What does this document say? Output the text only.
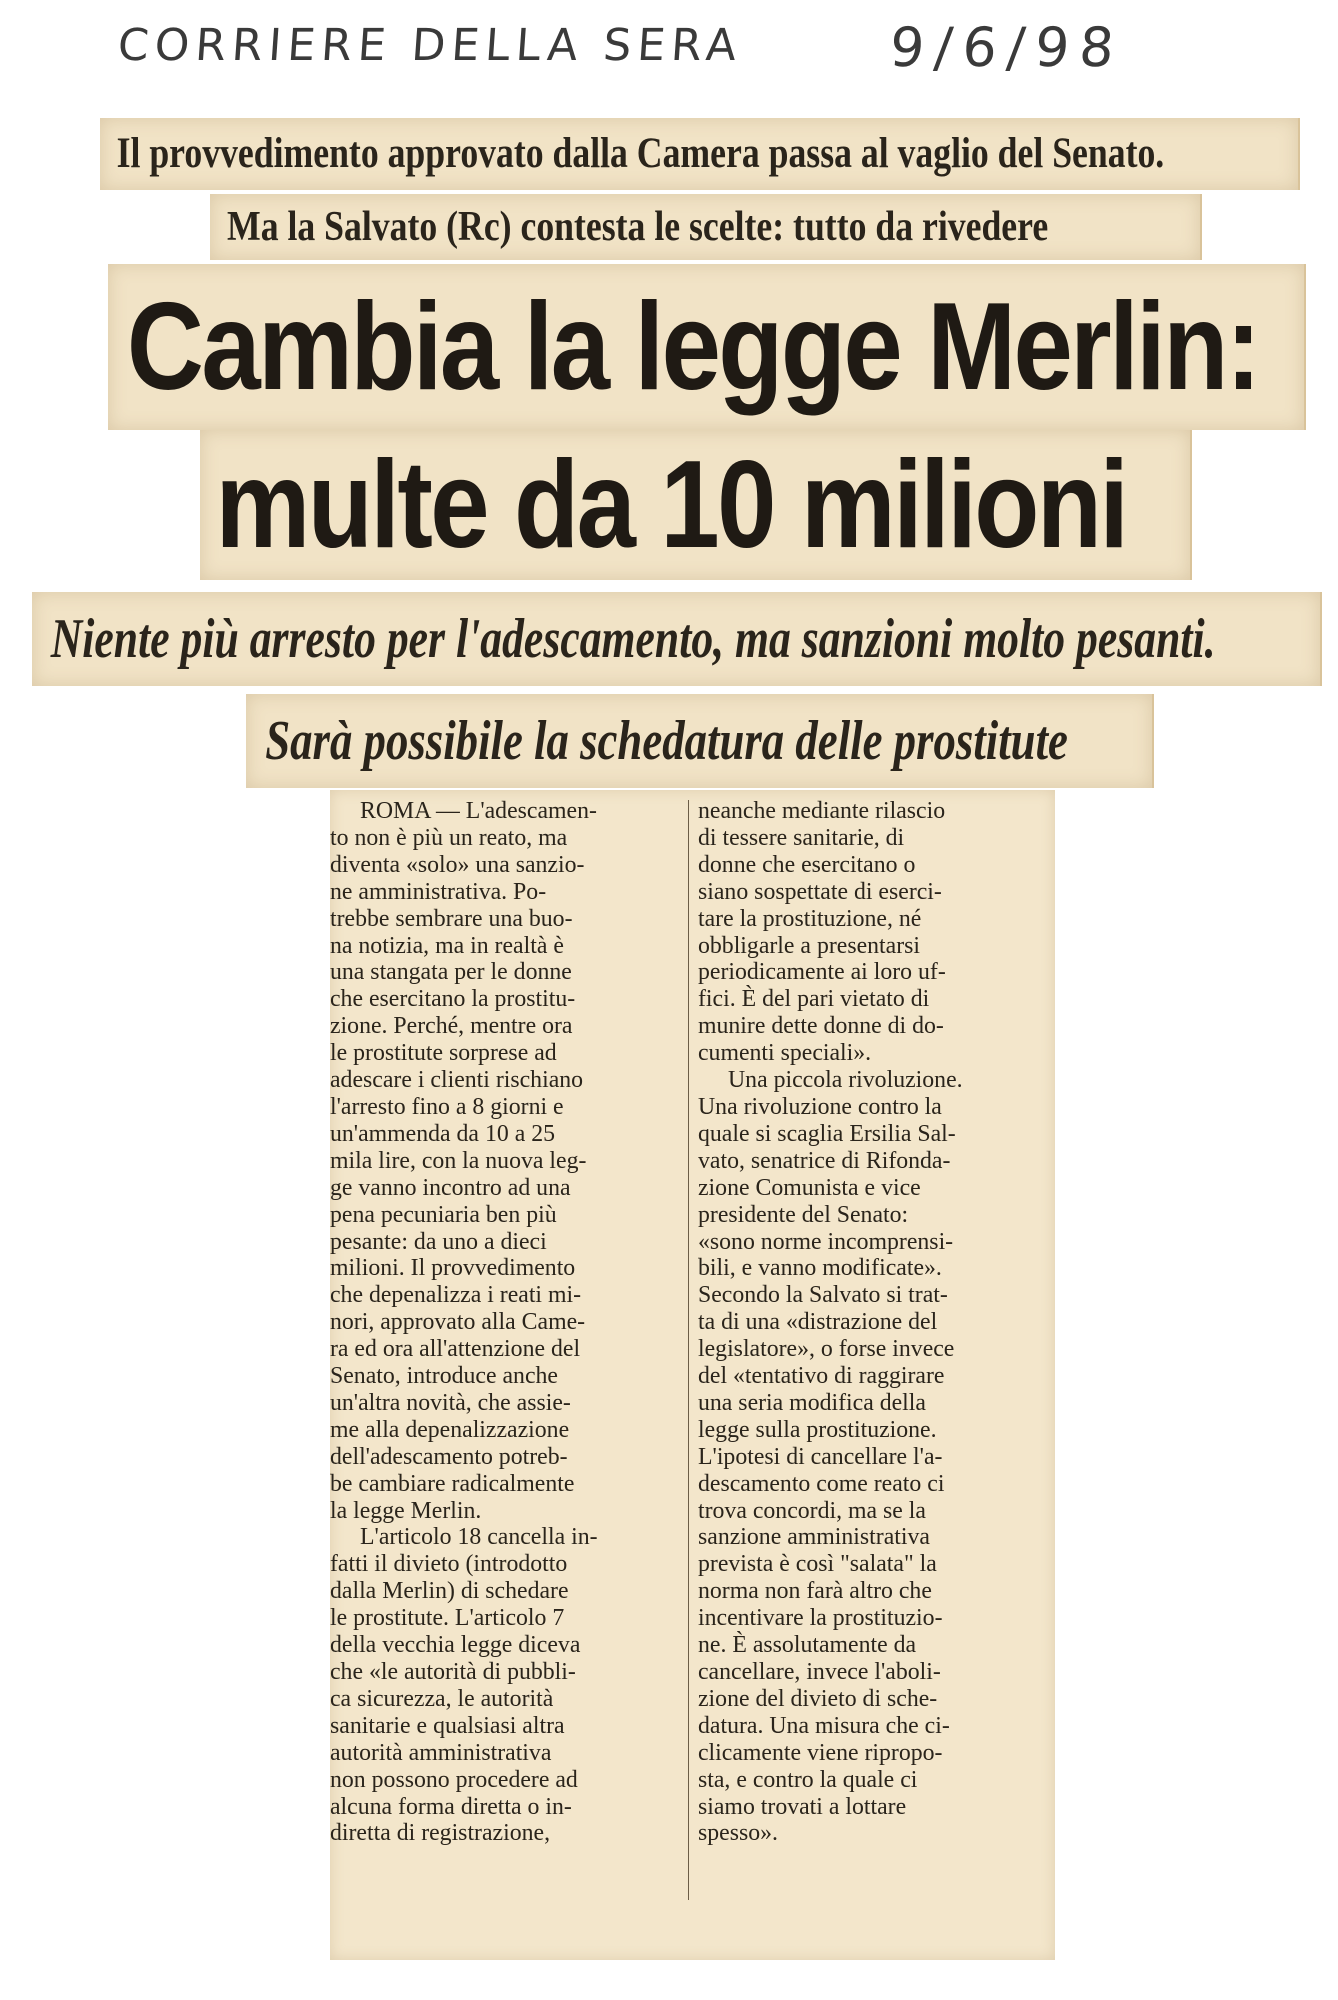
CORRIERE DELLA SERA	9/6/98
Il provvedimento approvato dalla Camera passa al vaglio del Senato.
Ma la Salvato (Rc) contesta le scelte: tutto da rivedere
Cambia la legge Merlin:
multe da 10 milioni
Niente più arresto per l'adescamento, ma sanzioni molto pesanti.
Sarà possibile la schedatura delle prostitute
ROMA — L'adescamen-
to non è più un reato, ma
diventa «solo» una sanzio-
ne amministrativa. Po-
trebbe sembrare una buo-
na notizia, ma in realtà è
una stangata per le donne
che esercitano la prostitu-
zione. Perché, mentre ora
le prostitute sorprese ad
adescare i clienti rischiano
l'arresto fino a 8 giorni e
un'ammenda da 10 a 25
mila lire, con la nuova leg-
ge vanno incontro ad una
pena pecuniaria ben più
pesante: da uno a dieci
milioni. Il provvedimento
che depenalizza i reati mi-
nori, approvato alla Came-
ra ed ora all'attenzione del
Senato, introduce anche
un'altra novità, che assie-
me alla depenalizzazione
dell'adescamento potreb-
be cambiare radicalmente
la legge Merlin.
L'articolo 18 cancella in-
fatti il divieto (introdotto
dalla Merlin) di schedare
le prostitute. L'articolo 7
della vecchia legge diceva
che «le autorità di pubbli-
ca sicurezza, le autorità
sanitarie e qualsiasi altra
autorità amministrativa
non possono procedere ad
alcuna forma diretta o in-
diretta di registrazione,
neanche mediante rilascio
di tessere sanitarie, di
donne che esercitano o
siano sospettate di eserci-
tare la prostituzione, né
obbligarle a presentarsi
periodicamente ai loro uf-
fici. È del pari vietato di
munire dette donne di do-
cumenti speciali».
Una piccola rivoluzione.
Una rivoluzione contro la
quale si scaglia Ersilia Sal-
vato, senatrice di Rifonda-
zione Comunista e vice
presidente del Senato:
«sono norme incomprensi-
bili, e vanno modificate».
Secondo la Salvato si trat-
ta di una «distrazione del
legislatore», o forse invece
del «tentativo di raggirare
una seria modifica della
legge sulla prostituzione.
L'ipotesi di cancellare l'a-
descamento come reato ci
trova concordi, ma se la
sanzione amministrativa
prevista è così "salata" la
norma non farà altro che
incentivare la prostituzio-
ne. È assolutamente da
cancellare, invece l'aboli-
zione del divieto di sche-
datura. Una misura che ci-
clicamente viene ripropo-
sta, e contro la quale ci
siamo trovati a lottare
spesso».
